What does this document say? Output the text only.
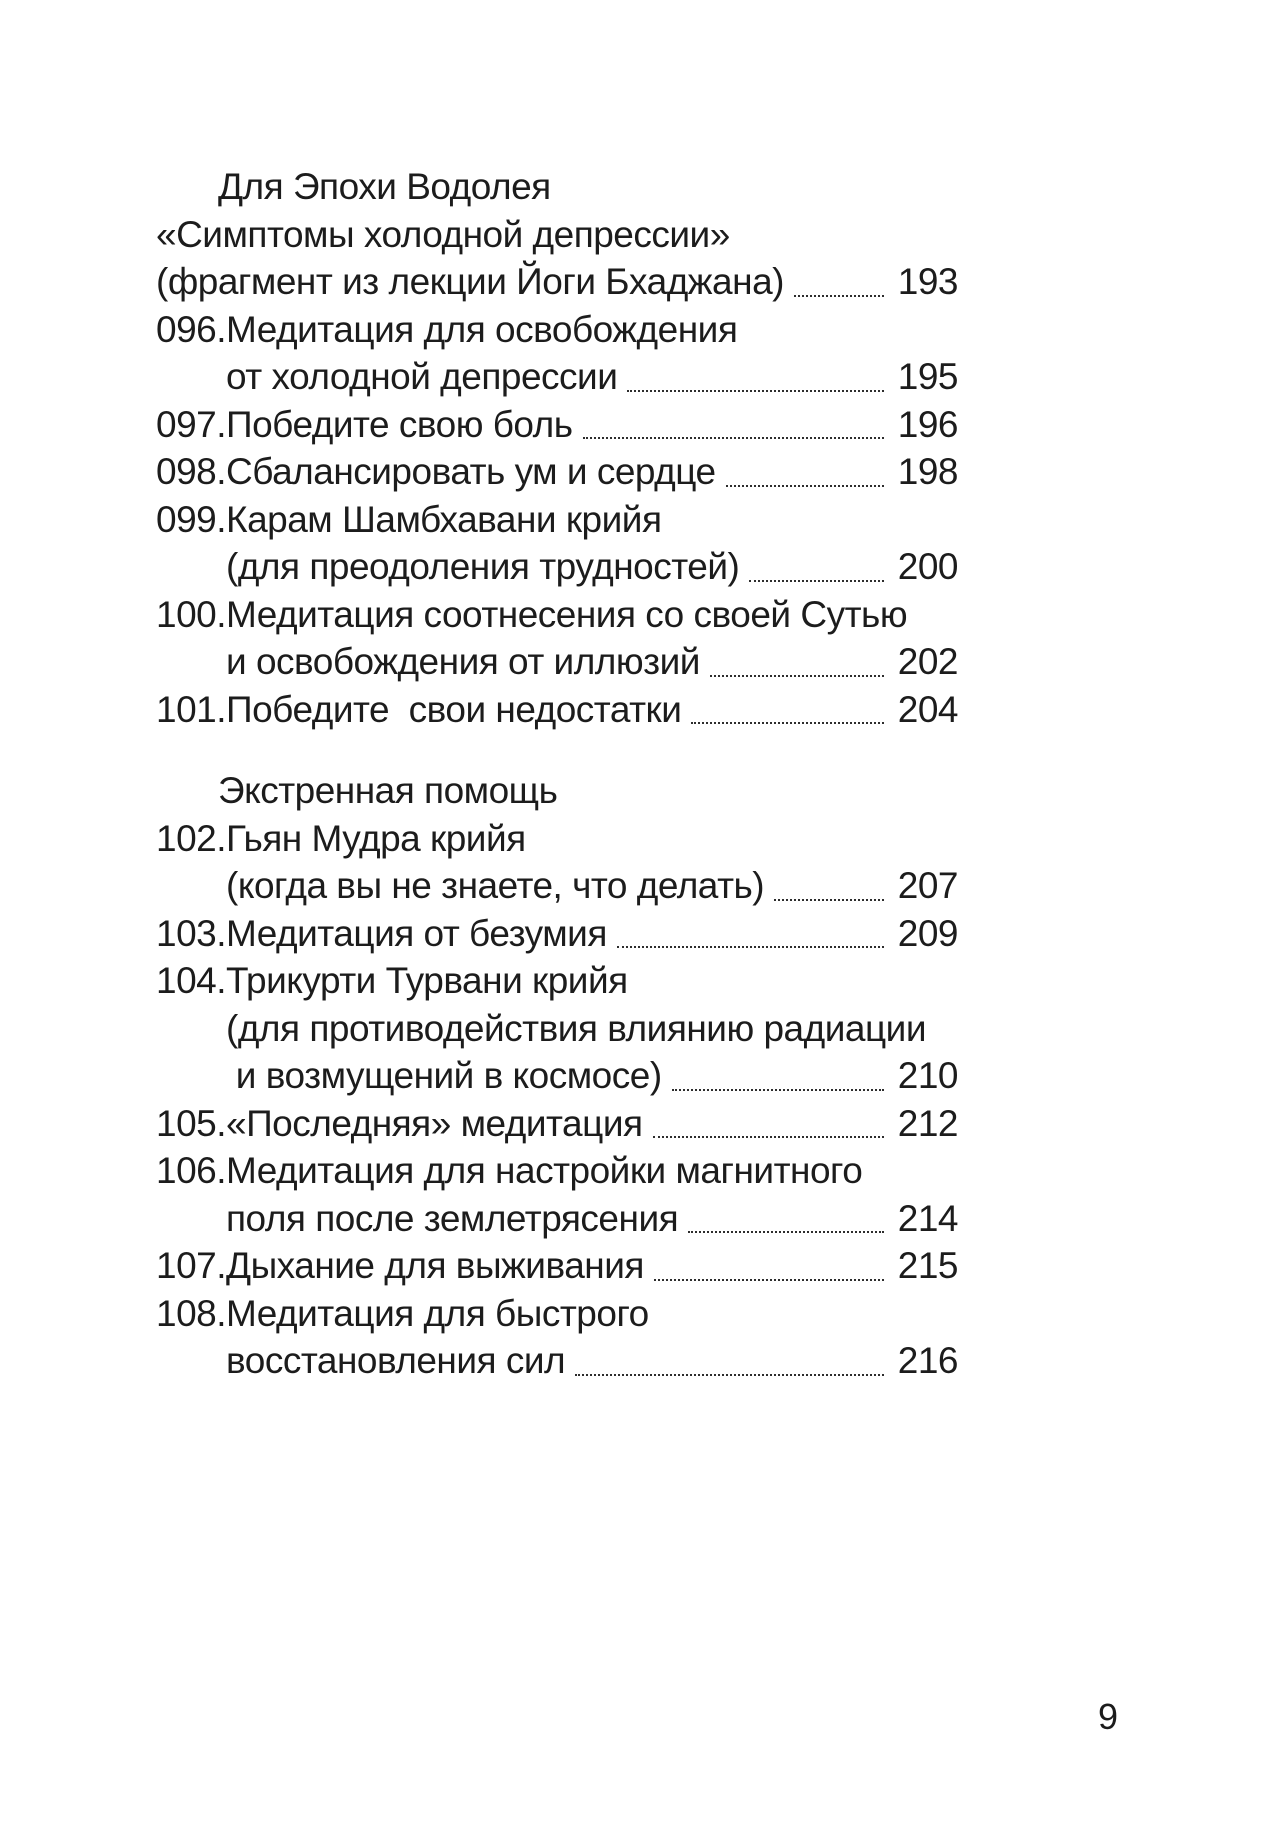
Для Эпохи Водолея
«Симптомы холодной депрессии»
(фрагмент из лекции Йоги Бхаджана)	193
096. Медитация для освобождения
от холодной депрессии	195
097. Победите свою боль	196
098. Сбалансировать ум и сердце	198
099. Карам Шамбхавани крийя
(для преодоления трудностей)	200
100. Медитация соотнесения со своей Сутью
и освобождения от иллюзий	202
101. Победите  свои недостатки	204
Экстренная помощь
102. Гьян Мудра крийя
(когда вы не знаете, что делать)	207
103. Медитация от безумия	209
104. Трикурти Турвани крийя
(для противодействия влиянию радиации
и возмущений в космосе)	210
105. «Последняя» медитация	212
106. Медитация для настройки магнитного
поля после землетрясения	214
107. Дыхание для выживания	215
108. Медитация для быстрого
восстановления сил	216
9
